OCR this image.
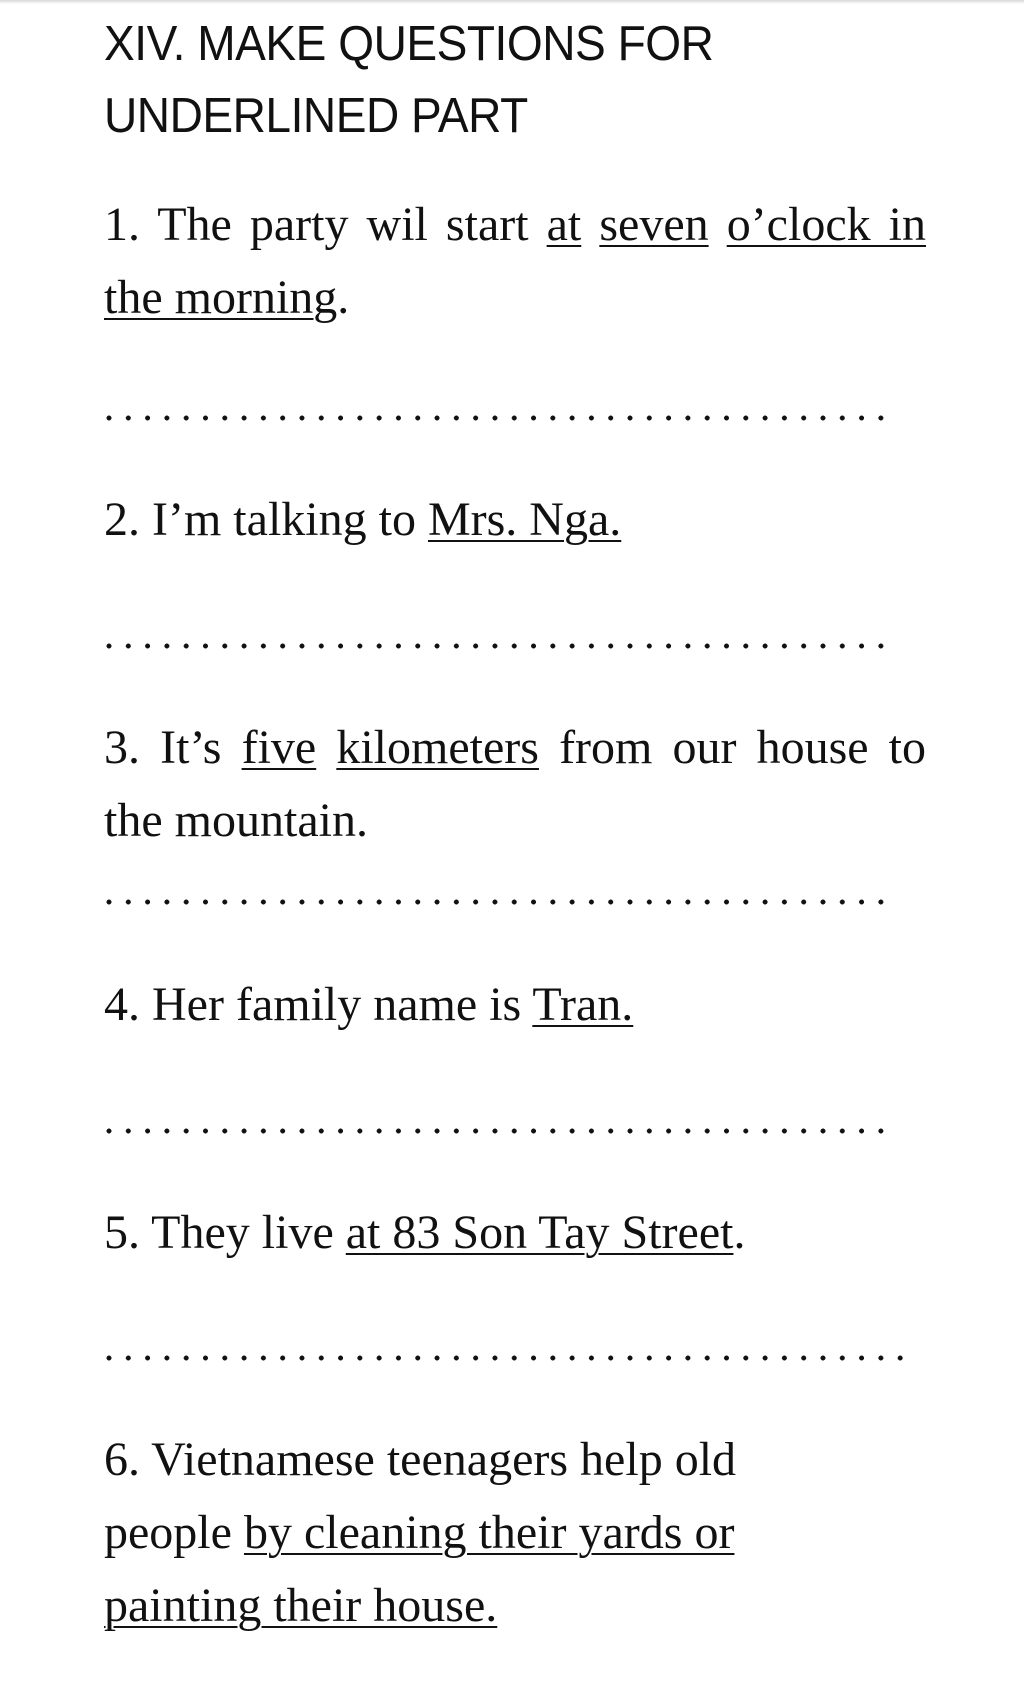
XIV. MAKE QUESTIONS FOR UNDERLINED PART

1. The party wil start at seven o’clock in the morning.

2. I’m talking to Mrs. Nga.

3. It’s five kilometers from our house to the mountain.

4. Her family name is Tran.

5. They live at 83 Son Tay Street.

6. Vietnamese teenagers help old people by cleaning their yards or painting their house.
